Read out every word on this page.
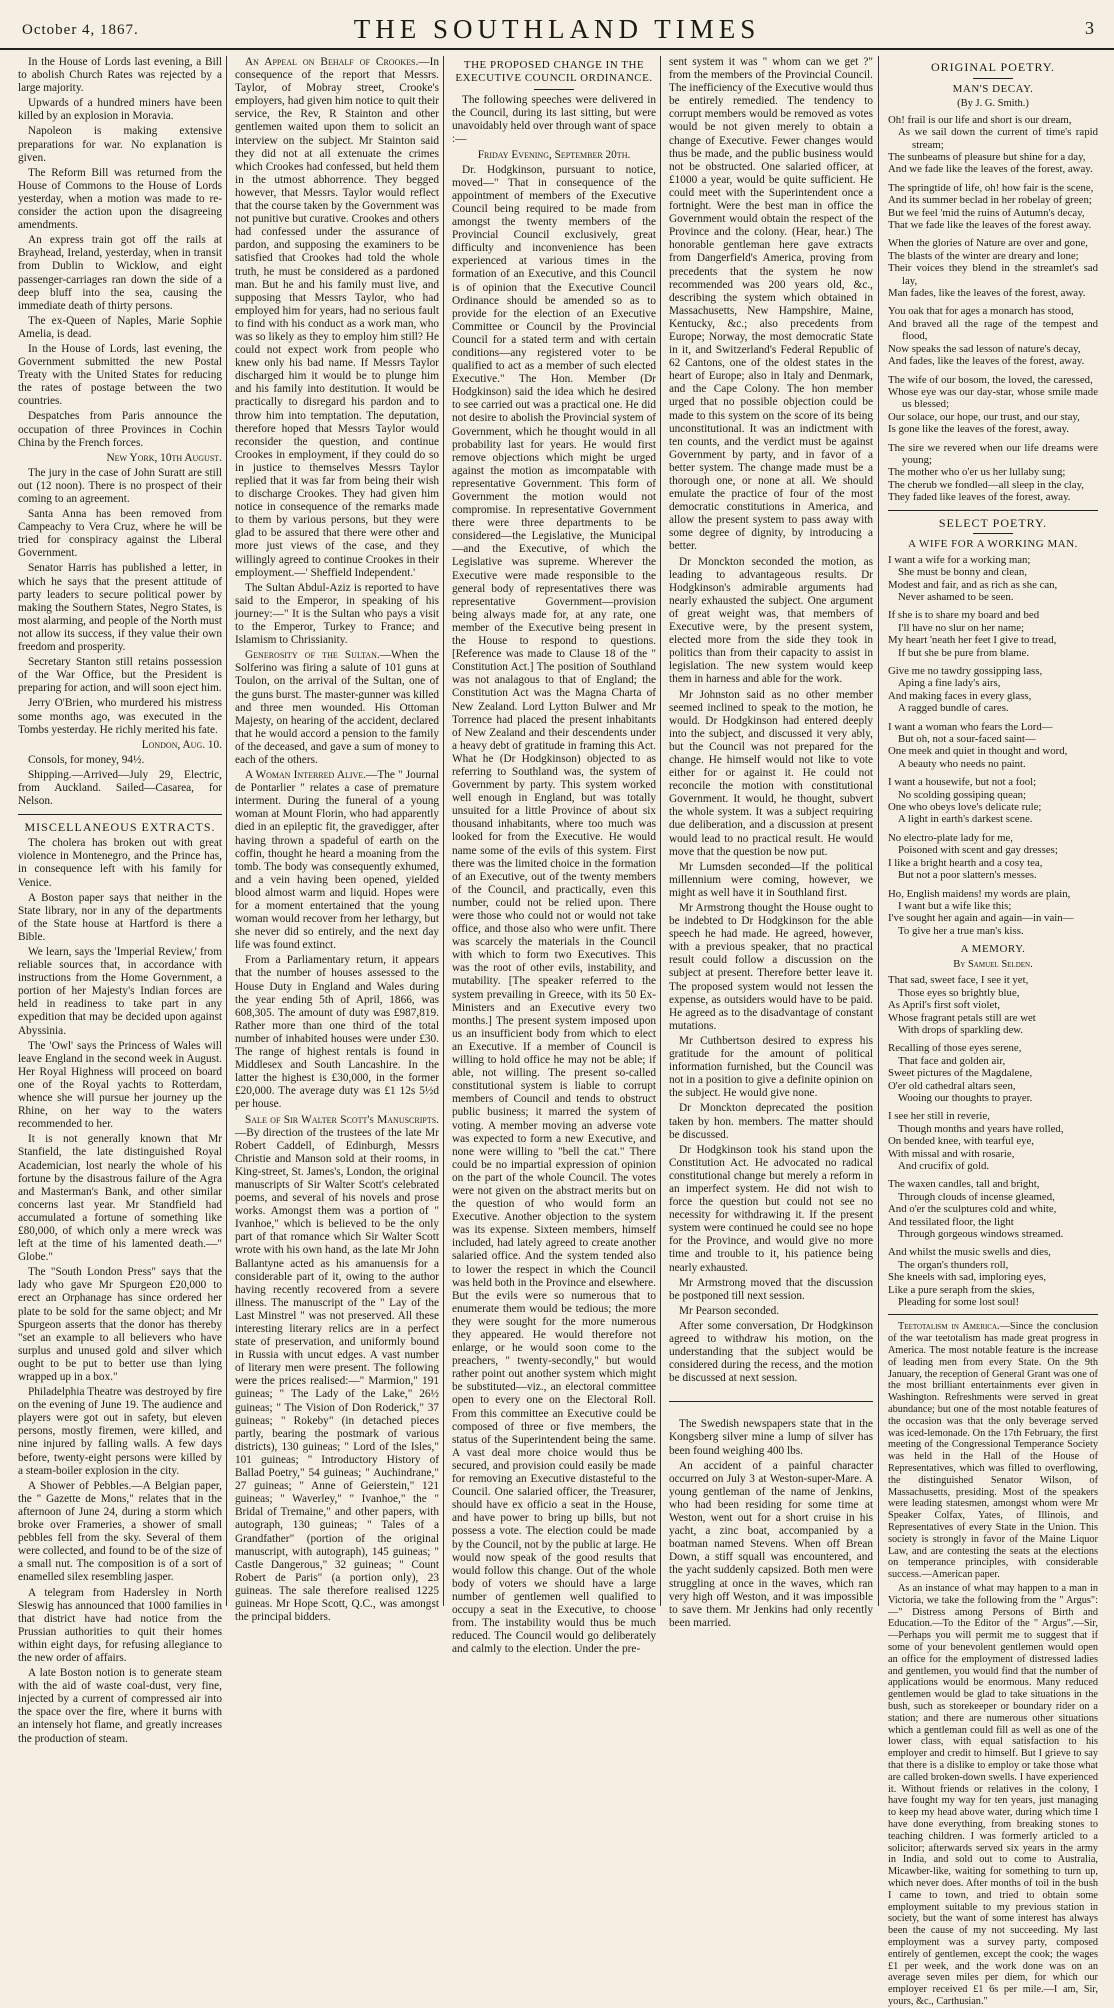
October 4, 1867.	THE SOUTHLAND TIMES	3

In the House of Lords last evening, a Bill to abolish Church Rates was rejected by a large majority.

Upwards of a hundred miners have been killed by an explosion in Moravia.

Napoleon is making extensive preparations for war. No explanation is given.

The Reform Bill was returned from the House of Commons to the House of Lords yesterday, when a motion was made to re-consider the action upon the disagreeing amendments.

An express train got off the rails at Brayhead, Ireland, yesterday, when in transit from Dublin to Wicklow, and eight passenger-carriages ran down the side of a deep bluff into the sea, causing the immediate death of thirty persons.

The ex-Queen of Naples, Marie Sophie Amelia, is dead.

In the House of Lords, last evening, the Government submitted the new Postal Treaty with the United States for reducing the rates of postage between the two countries.

Despatches from Paris announce the occupation of three Provinces in Cochin China by the French forces.

New York, 10th August.

The jury in the case of John Suratt are still out (12 noon). There is no prospect of their coming to an agreement.

Santa Anna has been removed from Campeachy to Vera Cruz, where he will be tried for conspiracy against the Liberal Government.

Senator Harris has published a letter, in which he says that the present attitude of party leaders to secure political power by making the Southern States, Negro States, is most alarming, and people of the North must not allow its success, if they value their own freedom and prosperity.

Secretary Stanton still retains possession of the War Office, but the President is preparing for action, and will soon eject him.

Jerry O'Brien, who murdered his mistress some months ago, was executed in the Tombs yesterday. He richly merited his fate.

London, Aug. 10.

Consols, for money, 94½.

Shipping.—Arrived—July 29, Electric, from Auckland. Sailed—Casarea, for Nelson.

MISCELLANEOUS EXTRACTS.

The cholera has broken out with great violence in Montenegro, and the Prince has, in consequence left with his family for Venice.

A Boston paper says that neither in the State library, nor in any of the departments of the State house at Hartford is there a Bible.

We learn, says the 'Imperial Review,' from reliable sources that, in accordance with instructions from the Home Government, a portion of her Majesty's Indian forces are held in readiness to take part in any expedition that may be decided upon against Abyssinia.

The 'Owl' says the Princess of Wales will leave England in the second week in August. Her Royal Highness will proceed on board one of the Royal yachts to Rotterdam, whence she will pursue her journey up the Rhine, on her way to the waters recommended to her.

It is not generally known that Mr Stanfield, the late distinguished Royal Academician, lost nearly the whole of his fortune by the disastrous failure of the Agra and Masterman's Bank, and other similar concerns last year. Mr Standfield had accumulated a fortune of something like £80,000, of which only a mere wreck was left at the time of his lamented death.—" Globe."

The "South London Press" says that the lady who gave Mr Spurgeon £20,000 to erect an Orphanage has since ordered her plate to be sold for the same object; and Mr Spurgeon asserts that the donor has thereby "set an example to all believers who have surplus and unused gold and silver which ought to be put to better use than lying wrapped up in a box."

Philadelphia Theatre was destroyed by fire on the evening of June 19. The audience and players were got out in safety, but eleven persons, mostly firemen, were killed, and nine injured by falling walls. A few days before, twenty-eight persons were killed by a steam-boiler explosion in the city.

A Shower of Pebbles.—A Belgian paper, the " Gazette de Mons," relates that in the afternoon of June 24, during a storm which broke over Frameries, a shower of small pebbles fell from the sky. Several of them were collected, and found to be of the size of a small nut. The composition is of a sort of enamelled silex resembling jasper.

A telegram from Hadersley in North Sleswig has announced that 1000 families in that district have had notice from the Prussian authorities to quit their homes within eight days, for refusing allegiance to the new order of affairs.

A late Boston notion is to generate steam with the aid of waste coal-dust, very fine, injected by a current of compressed air into the space over the fire, where it burns with an intensely hot flame, and greatly increases the production of steam.

An Appeal on Behalf of Crookes.—In consequence of the report that Messrs. Taylor, of Mobray street, Crooke's employers, had given him notice to quit their service, the Rev, R Stainton and other gentlemen waited upon them to solicit an interview on the subject. Mr Stainton said they did not at all extenuate the crimes which Crookes had confessed, but held them in the utmost abhorrence. They begged however, that Messrs. Taylor would reflect that the course taken by the Government was not punitive but curative. Crookes and others had confessed under the assurance of pardon, and supposing the examiners to be satisfied that Crookes had told the whole truth, he must be considered as a pardoned man. But he and his family must live, and supposing that Messrs Taylor, who had employed him for years, had no serious fault to find with his conduct as a work man, who was so likely as they to employ him still? He could not expect work from people who knew only his bad name. If Messrs Taylor discharged him it would be to plunge him and his family into destitution. It would be practically to disregard his pardon and to throw him into temptation. The deputation, therefore hoped that Messrs Taylor would reconsider the question, and continue Crookes in employment, if they could do so in justice to themselves Messrs Taylor replied that it was far from being their wish to discharge Crookes. They had given him notice in consequence of the remarks made to them by various persons, but they were glad to be assured that there were other and more just views of the case, and they willingly agreed to continue Crookes in their employment.—' Sheffield Independent.'

The Sultan Abdul-Aziz is reported to have said to the Emperor, in speaking of his journey:—" It is the Sultan who pays a visit to the Emperor, Turkey to France; and Islamism to Chrissianity.

Generosity of the Sultan.—When the Solferino was firing a salute of 101 guns at Toulon, on the arrival of the Sultan, one of the guns burst. The master-gunner was killed and three men wounded. His Ottoman Majesty, on hearing of the accident, declared that he would accord a pension to the family of the deceased, and gave a sum of money to each of the others.

A Woman Interred Alive.—The " Journal de Pontarlier " relates a case of premature interment. During the funeral of a young woman at Mount Florin, who had apparently died in an epileptic fit, the gravedigger, after having thrown a spadeful of earth on the coffin, thought he heard a moaning from the tomb. The body was consequently exhumed, and a vein having been opened, yielded blood almost warm and liquid. Hopes were for a moment entertained that the young woman would recover from her lethargy, but she never did so entirely, and the next day life was found extinct.

From a Parliamentary return, it appears that the number of houses assessed to the House Duty in England and Wales during the year ending 5th of April, 1866, was 608,305. The amount of duty was £987,819. Rather more than one third of the total number of inhabited houses were under £30. The range of highest rentals is found in Middlesex and South Lancashire. In the latter the highest is £30,000, in the former £20,000. The average duty was £1 12s 5½d per house.

Sale of Sir Walter Scott's Manuscripts.—By direction of the trustees of the late Mr Robert Caddell, of Edinburgh, Messrs Christie and Manson sold at their rooms, in King-street, St. James's, London, the original manuscripts of Sir Walter Scott's celebrated poems, and several of his novels and prose works. Amongst them was a portion of " Ivanhoe," which is believed to be the only part of that romance which Sir Walter Scott wrote with his own hand, as the late Mr John Ballantyne acted as his amanuensis for a considerable part of it, owing to the author having recently recovered from a severe illness. The manuscript of the " Lay of the Last Minstrel " was not preserved. All these interesting literary relics are in a perfect state of preservation, and uniformly bound in Russia with uncut edges. A vast number of literary men were present. The following were the prices realised:—" Marmion," 191 guineas; " The Lady of the Lake," 26½ guineas; " The Vision of Don Roderick," 37 guineas; " Rokeby" (in detached pieces partly, bearing the postmark of various districts), 130 guineas; " Lord of the Isles," 101 guineas; " Introductory History of Ballad Poetry," 54 guineas; " Auchindrane," 27 guineas; " Anne of Geierstein," 121 guineas; " Waverley," " Ivanhoe," the " Bridal of Tremaine," and other papers, with autograph, 130 guineas; " Tales of a Grandfather" (portion of the original manuscript, with autograph), 145 guineas; " Castle Dangerous," 32 guineas; " Count Robert de Paris" (a portion only), 23 guineas. The sale therefore realised 1225 guineas. Mr Hope Scott, Q.C., was amongst the principal bidders.

THE PROPOSED CHANGE IN THE EXECUTIVE COUNCIL ORDINANCE.

The following speeches were delivered in the Council, during its last sitting, but were unavoidably held over through want of space :—

Friday Evening, September 20th.

Dr. Hodgkinson, pursuant to notice, moved—" That in consequence of the appointment of members of the Executive Council being required to be made from amongst the twenty members of the Provincial Council exclusively, great difficulty and inconvenience has been experienced at various times in the formation of an Executive, and this Council is of opinion that the Executive Council Ordinance should be amended so as to provide for the election of an Executive Committee or Council by the Provincial Council for a stated term and with certain conditions—any registered voter to be qualified to act as a member of such elected Executive." The Hon. Member (Dr Hodgkinson) said the idea which he desired to see carried out was a practical one. He did not desire to abolish the Provincial system of Government, which he thought would in all probability last for years. He would first remove objections which might be urged against the motion as imcompatable with representative Government. This form of Government the motion would not compromise. In representative Government there were three departments to be considered—the Legislative, the Municipal—and the Executive, of which the Legislative was supreme. Wherever the Executive were made responsible to the general body of representatives there was representative Government—provision being always made for, at any rate, one member of the Executive being present in the House to respond to questions. [Reference was made to Clause 18 of the " Constitution Act.] The position of Southland was not analagous to that of England; the Constitution Act was the Magna Charta of New Zealand. Lord Lytton Bulwer and Mr Torrence had placed the present inhabitants of New Zealand and their descendents under a heavy debt of gratitude in framing this Act. What he (Dr Hodgkinson) objected to as referring to Southland was, the system of Government by party. This system worked well enough in England, but was totally unsuited for a little Province of about six thousand inhabitants, where too much was looked for from the Executive. He would name some of the evils of this system. First there was the limited choice in the formation of an Executive, out of the twenty members of the Council, and practically, even this number, could not be relied upon. There were those who could not or would not take office, and those also who were unfit. There was scarcely the materials in the Council with which to form two Executives. This was the root of other evils, instability, and mutability. [The speaker referred to the system prevailing in Greece, with its 50 Ex-Ministers and an Executive every two months.] The present system imposed upon us an insufficient body from which to elect an Executive. If a member of Council is willing to hold office he may not be able; if able, not willing. The present so-called constitutional system is liable to corrupt members of Council and tends to obstruct public business; it marred the system of voting. A member moving an adverse vote was expected to form a new Executive, and none were willing to "bell the cat." There could be no impartial expression of opinion on the part of the whole Council. The votes were not given on the abstract merits but on the question of who would form an Executive. Another objection to the system was its expense. Sixteen members, himself included, had lately agreed to create another salaried office. And the system tended also to lower the respect in which the Council was held both in the Province and elsewhere. But the evils were so numerous that to enumerate them would be tedious; the more they were sought for the more numerous they appeared. He would therefore not enlarge, or he would soon come to the preachers, " twenty-secondly," but would rather point out another system which might be substituted—viz., an electoral committee open to every one on the Electoral Roll. From this committee an Executive could be composed of three or five members, the status of the Superintendent being the same. A vast deal more choice would thus be secured, and provision could easily be made for removing an Executive distasteful to the Council. One salaried officer, the Treasurer, should have ex officio a seat in the House, and have power to bring up bills, but not possess a vote. The election could be made by the Council, not by the public at large. He would now speak of the good results that would follow this change. Out of the whole body of voters we should have a large number of gentlemen well qualified to occupy a seat in the Executive, to choose from. The instability would thus be much reduced. The Council would go deliberately and calmly to the election. Under the pre-

sent system it was " whom can we get ?" from the members of the Provincial Council. The inefficiency of the Executive would thus be entirely remedied. The tendency to corrupt members would be removed as votes would be not given merely to obtain a change of Executive. Fewer changes would thus be made, and the public business would not be obstructed. One salaried officer, at £1000 a year, would be quite sufficient. He could meet with the Superintendent once a fortnight. Were the best man in office the Government would obtain the respect of the Province and the colony. (Hear, hear.) The honorable gentleman here gave extracts from Dangerfield's America, proving from precedents that the system he now recommended was 200 years old, &c., describing the system which obtained in Massachusetts, New Hampshire, Maine, Kentucky, &c.; also precedents from Europe; Norway, the most democratic State in it, and Switzerland's Federal Republic of 62 Cantons, one of the oldest states in the heart of Europe; also in Italy and Denmark, and the Cape Colony. The hon member urged that no possible objection could be made to this system on the score of its being unconstitutional. It was an indictment with ten counts, and the verdict must be against Government by party, and in favor of a better system. The change made must be a thorough one, or none at all. We should emulate the practice of four of the most democratic constitutions in America, and allow the present system to pass away with some degree of dignity, by introducing a better.

Dr Monckton seconded the motion, as leading to advantageous results. Dr Hodgkinson's admirable arguments had nearly exhausted the subject. One argument of great weight was, that members of Executive were, by the present system, elected more from the side they took in politics than from their capacity to assist in legislation. The new system would keep them in harness and able for the work.

Mr Johnston said as no other member seemed inclined to speak to the motion, he would. Dr Hodgkinson had entered deeply into the subject, and discussed it very ably, but the Council was not prepared for the change. He himself would not like to vote either for or against it. He could not reconcile the motion with constitutional Government. It would, he thought, subvert the whole system. It was a subject requiring due deliberation, and a discussion at present would lead to no practical result. He would move that the question be now put.

Mr Lumsden seconded—If the political millennium were coming, however, we might as well have it in Southland first.

Mr Armstrong thought the House ought to be indebted to Dr Hodgkinson for the able speech he had made. He agreed, however, with a previous speaker, that no practical result could follow a discussion on the subject at present. Therefore better leave it. The proposed system would not lessen the expense, as outsiders would have to be paid. He agreed as to the disadvantage of constant mutations.

Mr Cuthbertson desired to express his gratitude for the amount of political information furnished, but the Council was not in a position to give a definite opinion on the subject. He would give none.

Dr Monckton deprecated the position taken by hon. members. The matter should be discussed.

Dr Hodgkinson took his stand upon the Constitution Act. He advocated no radical constitutional change but merely a reform in an imperfect system. He did not wish to force the question but could not see no necessity for withdrawing it. If the present system were continued he could see no hope for the Province, and would give no more time and trouble to it, his patience being nearly exhausted.

Mr Armstrong moved that the discussion be postponed till next session.

Mr Pearson seconded.

After some conversation, Dr Hodgkinson agreed to withdraw his motion, on the understanding that the subject would be considered during the recess, and the motion be discussed at next session.

The Swedish newspapers state that in the Kongsberg silver mine a lump of silver has been found weighing 400 lbs.

An accident of a painful character occurred on July 3 at Weston-super-Mare. A young gentleman of the name of Jenkins, who had been residing for some time at Weston, went out for a short cruise in his yacht, a zinc boat, accompanied by a boatman named Stevens. When off Brean Down, a stiff squall was encountered, and the yacht suddenly capsized. Both men were struggling at once in the waves, which ran very high off Weston, and it was impossible to save them. Mr Jenkins had only recently been married.

ORIGINAL POETRY.
MAN'S DECAY.
(By J. G. Smith.)
Oh! frail is our life and short is our dream,
As we sail down the current of time's rapid stream;
The sunbeams of pleasure but shine for a day,
And we fade like the leaves of the forest, away.
The springtide of life, oh! how fair is the scene,
And its summer beclad in her robelay of green;
But we feel 'mid the ruins of Autumn's decay,
That we fade like the leaves of the forest away.
When the glories of Nature are over and gone,
The blasts of the winter are dreary and lone;
Their voices they blend in the streamlet's sad lay,
Man fades, like the leaves of the forest, away.
You oak that for ages a monarch has stood,
And braved all the rage of the tempest and flood,
Now speaks the sad lesson of nature's decay,
And fades, like the leaves of the forest, away.
The wife of our bosom, the loved, the caressed,
Whose eye was our day-star, whose smile made us blessed;
Our solace, our hope, our trust, and our stay,
Is gone like the leaves of the forest, away.
The sire we revered when our life dreams were young;
The mother who o'er us her lullaby sung;
The cherub we fondled—all sleep in the clay,
They faded like leaves of the forest, away.
SELECT POETRY.
A WIFE FOR A WORKING MAN.
I want a wife for a working man;
She must be bonny and clean,
Modest and fair, and as rich as she can,
Never ashamed to be seen.
If she is to share my board and bed
I'll have no slur on her name;
My heart 'neath her feet I give to tread,
If but she be pure from blame.
Give me no tawdry gossipping lass,
Aping a fine lady's airs,
And making faces in every glass,
A ragged bundle of cares.
I want a woman who fears the Lord—
But oh, not a sour-faced saint—
One meek and quiet in thought and word,
A beauty who needs no paint.
I want a housewife, but not a fool;
No scolding gossiping quean;
One who obeys love's delicate rule;
A light in earth's darkest scene.
No electro-plate lady for me,
Poisoned with scent and gay dresses;
I like a bright hearth and a cosy tea,
But not a poor slattern's messes.
Ho, English maidens! my words are plain,
I want but a wife like this;
I've sought her again and again—in vain—
To give her a true man's kiss.
A MEMORY.
By Samuel Selden.
That sad, sweet face, I see it yet,
Those eyes so brightly blue,
As April's first soft violet,
Whose fragrant petals still are wet
With drops of sparkling dew.
Recalling of those eyes serene,
That face and golden air,
Sweet pictures of the Magdalene,
O'er old cathedral altars seen,
Wooing our thoughts to prayer.
I see her still in reverie,
Though months and years have rolled,
On bended knee, with tearful eye,
With missal and with rosarie,
And crucifix of gold.
The waxen candles, tall and bright,
Through clouds of incense gleamed,
And o'er the sculptures cold and white,
And tessilated floor, the light
Through gorgeous windows streamed.
And whilst the music swells and dies,
The organ's thunders roll,
She kneels with sad, imploring eyes,
Like a pure seraph from the skies,
Pleading for some lost soul!

Teetotalism in America.—Since the conclusion of the war teetotalism has made great progress in America. The most notable feature is the increase of leading men from every State. On the 9th January, the reception of General Grant was one of the most brilliant entertainments ever given in Washington. Refreshments were served in great abundance; but one of the most notable features of the occasion was that the only beverage served was iced-lemonade. On the 17th February, the first meeting of the Congressional Temperance Society was held in the Hall of the House of Representatives, which was filled to overflowing, the distinguished Senator Wilson, of Massachusetts, presiding. Most of the speakers were leading statesmen, amongst whom were Mr Speaker Colfax, Yates, of Illinois, and Representatives of every State in the Union. This society is strongly in favor of the Maine Liquor Law, and are contesting the seats at the elections on temperance principles, with considerable success.—American paper.

As an instance of what may happen to a man in Victoria, we take the following from the " Argus":—" Distress among Persons of Birth and Education.—To the Editor of the " Argus".—Sir,—Perhaps you will permit me to suggest that if some of your benevolent gentlemen would open an office for the employment of distressed ladies and gentlemen, you would find that the number of applications would be enormous. Many reduced gentlemen would be glad to take situations in the bush, such as storekeeper or boundary rider on a station; and there are numerous other situations which a gentleman could fill as well as one of the lower class, with equal satisfaction to his employer and credit to himself. But I grieve to say that there is a dislike to employ or take those what are called broken-down swells. I have experienced it. Without friends or relatives in the colony, I have fought my way for ten years, just managing to keep my head above water, during which time I have done everything, from breaking stones to teaching children. I was formerly articled to a solicitor; afterwards served six years in the army in India, and sold out to come to Australia, Micawber-like, waiting for something to turn up, which never does. After months of toil in the bush I came to town, and tried to obtain some employment suitable to my previous station in society, but the want of some interest has always been the cause of my not succeeding. My last employment was a survey party, composed entirely of gentlemen, except the cook; the wages £1 per week, and the work done was on an average seven miles per diem, for which our employer received £1 6s per mile.—I am, Sir, yours, &c., Carthusian."
